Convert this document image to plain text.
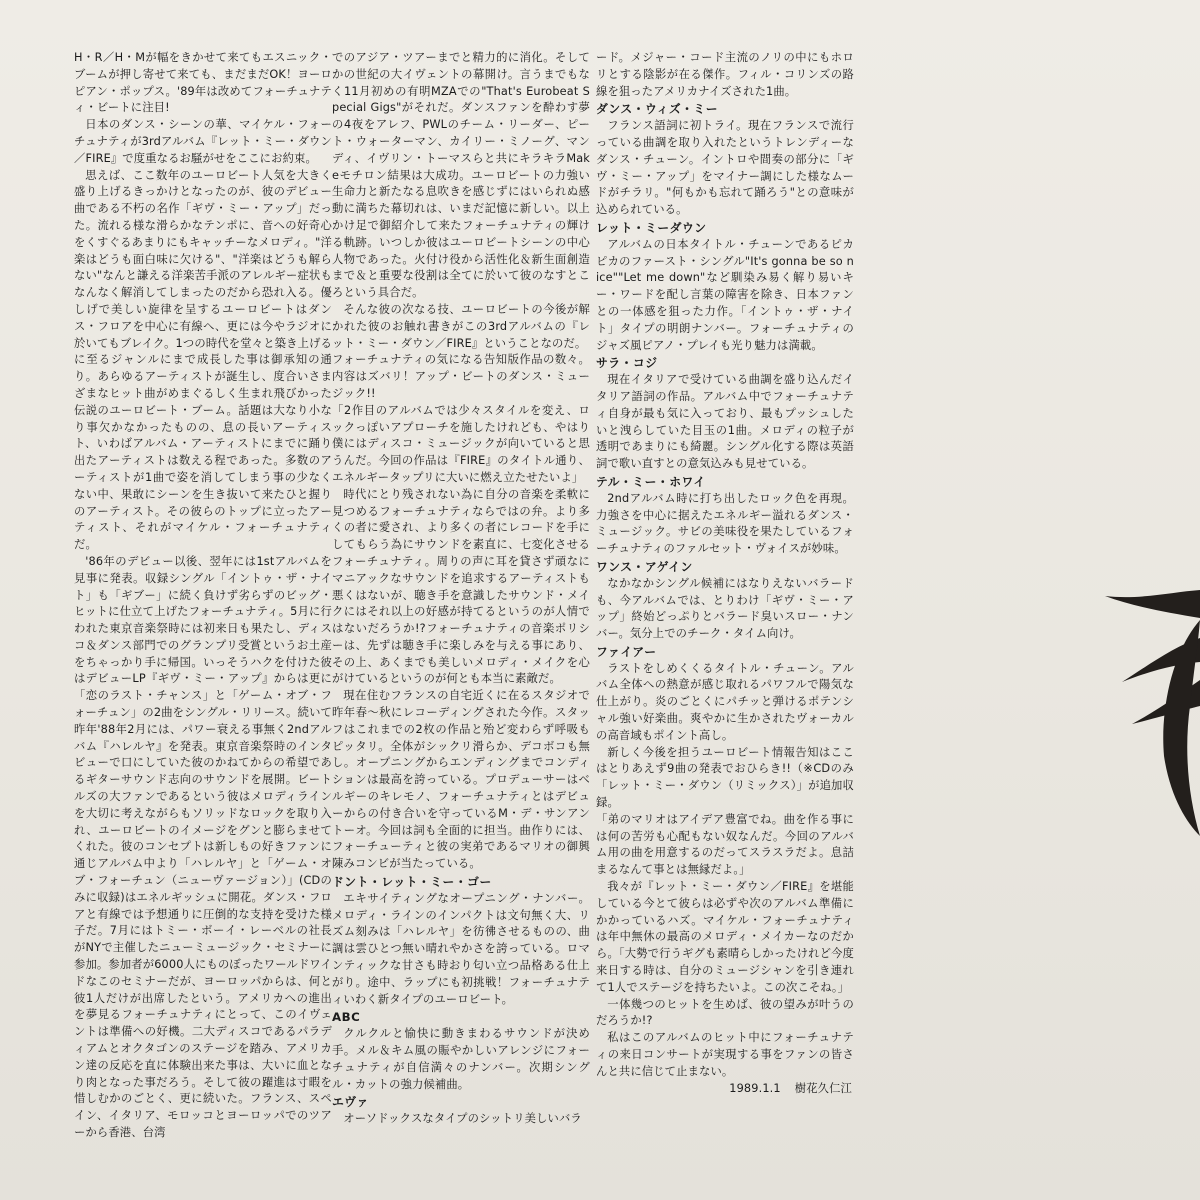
H・R／H・Mが幅をきかせて来てもエスニック・ブームが押し寄せて来ても、まだまだOK！ヨーロピアン・ポップス。'89年は改めてフォーチュナティ・ビートに注目!

日本のダンス・シーンの華、マイケル・フォーチュナティが3rdアルバム『レット・ミー・ダウン／FIRE』で度重なるお騒がせをここにお約束。

思えば、ここ数年のユーロビート人気を大きく盛り上げるきっかけとなったのが、彼のデビュー曲である不朽の名作「ギヴ・ミー・アップ」だった。流れる様な滑らかなテンポに、音への好奇心をくすぐるあまりにもキャッチーなメロディ。"洋楽はどうも面白味に欠ける"、"洋楽はどうも解らない"なんと謙える洋楽苦手派のアレルギー症状もなんなく解消してしまったのだから恐れ入る。優しげで美しい旋律を呈するユーロビートはダンス・フロアを中心に有線へ、更には今やラジオに於いてもブレイク。1つの時代を堂々と築き上げるに至るジャンルにまで成長した事は御承知の通り。あらゆるアーティストが誕生し、度合いさまざまなヒット曲がめまぐるしく生まれ飛びかった伝説のユーロビート・ブーム。話題は大なり小なり事欠かなかったものの、息の長いアーティスト、いわばアルバム・アーティストにまでに踊り出たアーティストは数える程であった。多数のアーティストが1曲で姿を消してしまう事の少なくない中、果敢にシーンを生き抜いて来たひと握りのアーティスト。その彼らのトップに立ったアーティスト、それがマイケル・フォーチュナティだ。

'86年のデビュー以後、翌年には1stアルバムを見事に発表。収録シングル「イントゥ・ザ・ナイト」も「ギブー」に続く負けず劣らずのビッグ・ヒットに仕立て上げたフォーチュナティ。5月に行われた東京音楽祭時には初来日も果たし、ディスコ＆ダンス部門でのグランプリ受賞というお土産をちゃっかり手に帰国。いっそうハクを付けた彼はデビューLP『ギヴ・ミー・アップ』からは更に「恋のラスト・チャンス」と「ゲーム・オブ・フォーチュン」の2曲をシングル・リリース。続いて昨年'88年2月には、パワー衰える事無く2ndアルバム『ハレルヤ』を発表。東京音楽祭時のインタビューで口にしていた彼のかねてからの希望であるギターサウンド志向のサウンドを展開。ビートルズの大ファンであるという彼はメロディラインを大切に考えながらもソリッドなロックを取り入れ、ユーロビートのイメージをグンと膨らませてくれた。彼のコンセプトは新しもの好きファンに通じアルバム中より「ハレルヤ」と「ゲーム・オブ・フォーチュン（ニューヴァージョン）」(CDのみに収録)はエネルギッシュに開花。ダンス・フロアと有線では予想通りに圧倒的な支持を受けた様子だ。7月にはトミー・ボーイ・レーベルの社長がNYで主催したニューミュージック・セミナーに参加。参加者が6000人にものぼったワールドワイドなこのセミナーだが、ヨーロッパからは、何と彼1人だけが出席したという。アメリカへの進出を夢見るフォーチュナティにとって、このイヴェントは準備への好機。二大ディスコであるパラディアムとオクタゴンのステージを踏み、アメリカン達の反応を直に体験出来た事は、大いに血となり肉となった事だろう。そして彼の躍進は寸暇を惜しむかのごとく、更に続いた。フランス、スペイン、イタリア、モロッコとヨーロッパでのツアーから香港、台湾

でのアジア・ツアーまでと精力的に消化。そしてかの世紀の大イヴェントの幕開け。言うまでもなく11月初めの有明MZAでの"That's Eurobeat Special Gigs"がそれだ。ダンスファンを酔わす夢の4夜をアレフ、PWLのチーム・リーダー、ピート・ウォーターマン、カイリー・ミノーグ、マンディ、イヴリン・トーマスらと共にキラキラMakeモチロン結果は大成功。ユーロビートの力強い生命力と新たなる息吹きを感じずにはいられぬ感動に満ちた幕切れは、いまだ記憶に新しい。以上かけ足で御紹介して来たフォーチュナティの輝ける軌跡。いつしか彼はユーロビートシーンの中心人物であった。火付け役から活性化＆新生面創造まで＆と重要な役割は全てに於いて彼のなすところという具合だ。

そんな彼の次なる技、ユーロビートの今後が解かれた彼のお触れ書きがこの3rdアルバムの『レット・ミー・ダウン／FIRE』ということなのだ。

フォーチュナティの気になる告知版作品の数々。内容はズバリ！アップ・ビートのダンス・ミュージック!!

「2作目のアルバムでは少々スタイルを変え、ロックっぽいアプローチを施したけれども、やはり僕にはディスコ・ミュージックが向いていると思うんだ。今回の作品は『FIRE』のタイトル通り、エネルギータップリに大いに燃え立たせたいよ」

時代にとり残されない為に自分の音楽を柔軟に見つめるフォーチュナティならではの弁。より多くの者に愛され、より多くの者にレコードを手にしてもらう為にサウンドを素直に、七変化させるフォーチュナティ。周りの声に耳を貸さず頑なにマニアックなサウンドを追求するアーティストも悪くはないが、聴き手を意識したサウンド・メイクにはそれ以上の好感が持てるというのが人情ではないだろうか!?フォーチュナティの音楽ポリシーは、先ずは聴き手に楽しみを与える事にあり、その上、あくまでも美しいメロディ・メイクを心がけているというのが何とも本当に素敵だ。

現在住むフランスの自宅近くに在るスタジオで昨年春～秋にレコーディングされた今作。スタッフはこれまでの2枚の作品と殆ど変わらず呼吸もピッタリ。全体がシックリ滑らか、デコボコも無し。オープニングからエンディングまでコンディションは最高を誇っている。プロデューサーはベルギーのキレモノ、フォーチュナティとはデビューからの付き合いを守っているM・デ・サンアントーオ。今回は詞も全面的に担当。曲作りには、フォーチューティと彼の実弟であるマリオの御興陳みコンビが当たっている。

ドント・レット・ミー・ゴー

エキサイティングなオープニング・ナンバー。メロディ・ラインのインパクトは文句無く大、リズム刻みは「ハレルヤ」を彷彿させるものの、曲調は雲ひとつ無い晴れやかさを誇っている。ロマンティックな甘さも時おり匂い立つ品格ある仕上がり。途中、ラップにも初挑戦！フォーチュナティいわく新タイプのユーロビート。

ABC

クルクルと愉快に動きまわるサウンドが決め手。メル＆キム風の賑やかしいアレンジにフォーチュナティが自信満々のナンバー。次期シングル・カットの強力候補曲。

エヴァ

オーソドックスなタイプのシットリ美しいバラ

ード。メジャー・コード主流のノリの中にもホロリとする陰影が在る傑作。フィル・コリンズの路線を狙ったアメリカナイズされた1曲。

ダンス・ウィズ・ミー

フランス語詞に初トライ。現在フランスで流行っている曲調を取り入れたというトレンディーなダンス・チューン。イントロや間奏の部分に「ギヴ・ミー・アップ」をマイナー調にした様なムードがチラリ。"何もかも忘れて踊ろう"との意味が込められている。

レット・ミーダウン

アルバムの日本タイトル・チューンであるピカピカのファースト・シングル"It's gonna be so nice""Let me down"など馴染み易く解り易いキー・ワードを配し言葉の障害を除き、日本ファンとの一体感を狙った力作。「イントゥ・ザ・ナイト」タイプの明朗ナンバー。フォーチュナティのジャズ風ピアノ・プレイも光り魅力は満載。

サラ・コジ

現在イタリアで受けている曲調を盛り込んだイタリア語詞の作品。アルバム中でフォーチュナティ自身が最も気に入っており、最もプッシュしたいと洩らしていた目玉の1曲。メロディの粒子が透明であまりにも綺麗。シングル化する際は英語詞で歌い直すとの意気込みも見せている。

テル・ミー・ホワイ

2ndアルバム時に打ち出したロック色を再現。力強さを中心に据えたエネルギー溢れるダンス・ミュージック。サビの美味役を果たしているフォーチュナティのファルセット・ヴォイスが妙味。

ワンス・アゲイン

なかなかシングル候補にはなりえないバラードも、今アルバムでは、とりわけ「ギヴ・ミー・アップ」終始どっぷりとバラード臭いスロー・ナンバー。気分上でのチーク・タイム向け。

ファイアー

ラストをしめくくるタイトル・チューン。アルバム全体への熱意が感じ取れるパワフルで陽気な仕上がり。炎のごとくにパチッと弾けるポテンシャル強い好楽曲。爽やかに生かされたヴォーカルの高音域もポイント高し。

新しく今後を担うユーロビート情報告知はここはとりあえず9曲の発表でおひらき!!（※CDのみ「レット・ミー・ダウン（リミックス）」が追加収録。

「弟のマリオはアイデア豊富でね。曲を作る事には何の苦労も心配もない奴なんだ。今回のアルバム用の曲を用意するのだってスラスラだよ。息詰まるなんて事とは無縁だよ。」

我々が『レット・ミー・ダウン／FIRE』を堪能している今とて彼らは必ずや次のアルバム準備にかかっているハズ。マイケル・フォーチュナティは年中無休の最高のメロディ・メイカーなのだから。「大勢で行うギグも素晴らしかったけれど今度来日する時は、自分のミュージシャンを引き連れて1人でステージを持ちたいよ。この次こそね。」

一体幾つのヒットを生めば、彼の望みが叶うのだろうか!?

私はこのアルバムのヒット中にフォーチュナティの来日コンサートが実現する事をファンの皆さんと共に信じて止まない。

1989.1.1 樹花久仁江
